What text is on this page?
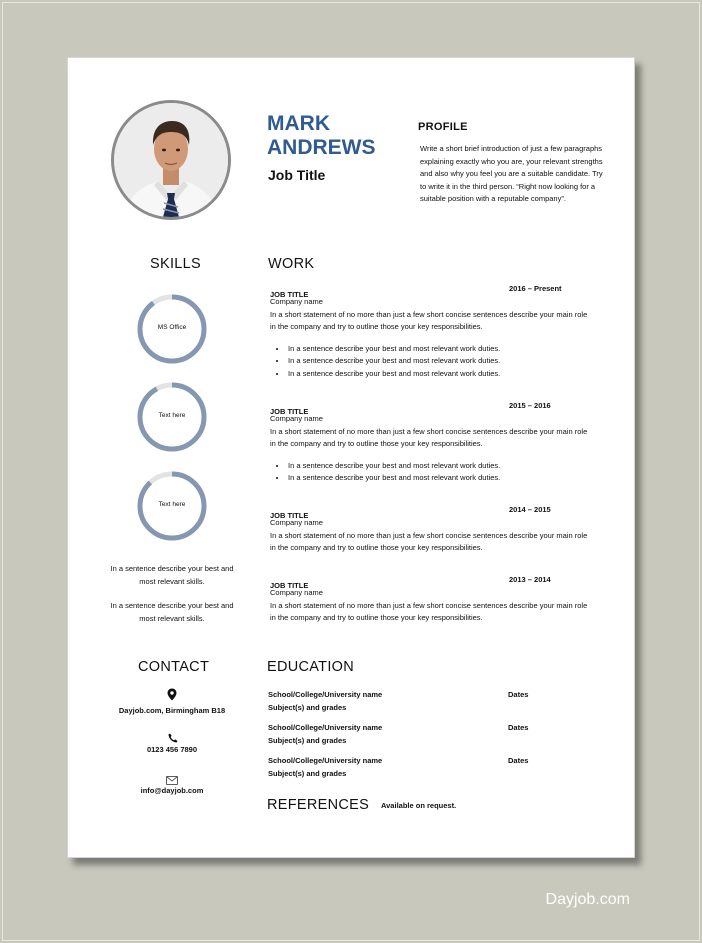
MARK
ANDREWS
Job Title
PROFILE
Write a short brief introduction of just a few paragraphs explaining exactly who you are, your relevant strengths and also why you feel you are a suitable candidate. Try to write it in the third person. “Right now looking for a suitable position with a reputable company”.
SKILLS
MS Office
Text here
Text here
In a sentence describe your best and most relevant skills.
In a sentence describe your best and most relevant skills.
WORK
JOB TITLE
2016 – Present
Company name
In a short statement of no more than just a few short concise sentences describe your main role in the company and try to outline those your key responsibilities.
• In a sentence describe your best and most relevant work duties.
• In a sentence describe your best and most relevant work duties.
• In a sentence describe your best and most relevant work duties.
JOB TITLE
2015 – 2016
Company name
In a short statement of no more than just a few short concise sentences describe your main role in the company and try to outline those your key responsibilities.
• In a sentence describe your best and most relevant work duties.
• In a sentence describe your best and most relevant work duties.
JOB TITLE
2014 – 2015
Company name
In a short statement of no more than just a few short concise sentences describe your main role in the company and try to outline those your key responsibilities.
JOB TITLE
2013 – 2014
Company name
In a short statement of no more than just a few short concise sentences describe your main role in the company and try to outline those your key responsibilities.
CONTACT
Dayjob.com, Birmingham B18
0123 456 7890
info@dayjob.com
EDUCATION
School/College/University name
Subject(s) and grades
Dates
School/College/University name
Subject(s) and grades
Dates
School/College/University name
Subject(s) and grades
Dates
REFERENCES Available on request.
Dayjob.com
